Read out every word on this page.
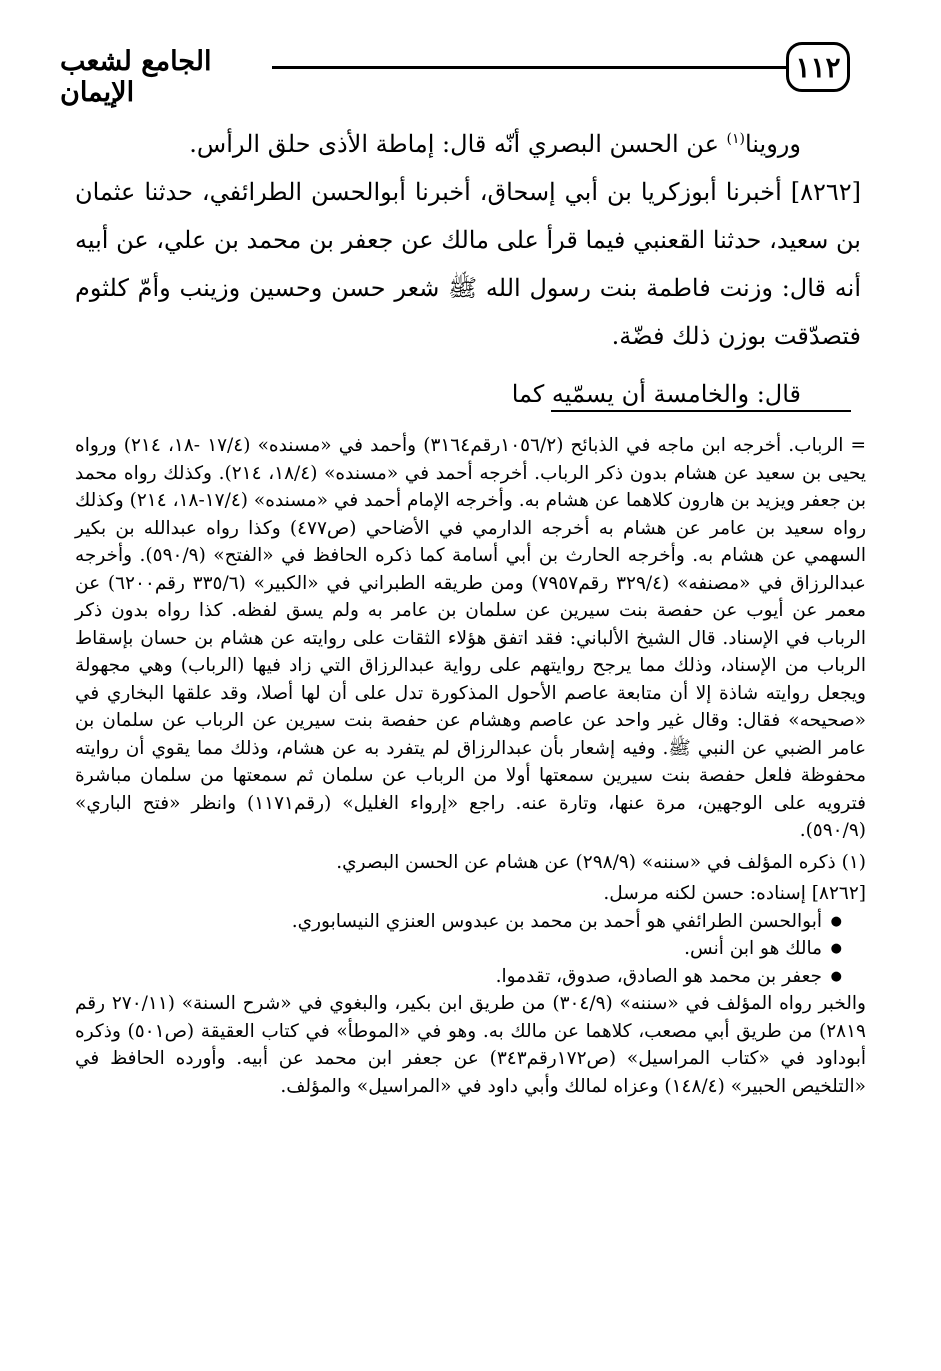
١١٢
الجامع لشعب الإيمان

وروينا$^{(١)}$ عن الحسن البصري أنّه قال: إماطة الأذى حلق الرأس.

[٨٢٦٢] أخبرنا أبوزكريا بن أبي إسحاق، أخبرنا أبوالحسن الطرائفي، حدثنا عثمان بن سعيد، حدثنا القعنبي فيما قرأ على مالك عن جعفر بن محمد بن علي، عن أبيه أنه قال: وزنت فاطمة بنت رسول الله ﷺ شعر حسن وحسين وزينب وأمّ كلثوم فتصدّقت بوزن ذلك فضّة.

قال: والخامسة أن يسمّيه كما

= الرباب. أخرجه ابن ماجه في الذبائح (١٠٥٦/٢رقم٣١٦٤) وأحمد في «مسنده» (١٧/٤ -١٨، ٢١٤) ورواه يحيى بن سعيد عن هشام بدون ذكر الرباب. أخرجه أحمد في «مسنده» (١٨/٤، ٢١٤). وكذلك رواه محمد بن جعفر ويزيد بن هارون كلاهما عن هشام به. وأخرجه الإمام أحمد في «مسنده» (١٧/٤-١٨، ٢١٤) وكذلك رواه سعيد بن عامر عن هشام به أخرجه الدارمي في الأضاحي (ص٤٧٧) وكذا رواه عبدالله بن بكير السهمي عن هشام به. وأخرجه الحارث بن أبي أسامة كما ذكره الحافظ في «الفتح» (٥٩٠/٩). وأخرجه عبدالرزاق في «مصنفه» (٣٢٩/٤ رقم٧٩٥٧) ومن طريقه الطبراني في «الكبير» (٣٣٥/٦ رقم٦٢٠٠) عن معمر عن أيوب عن حفصة بنت سيرين عن سلمان بن عامر به ولم يسق لفظه. كذا رواه بدون ذكر الرباب في الإسناد. قال الشيخ الألباني: فقد اتفق هؤلاء الثقات على روايته عن هشام بن حسان بإسقاط الرباب من الإسناد، وذلك مما يرجح روايتهم على رواية عبدالرزاق التي زاد فيها (الرباب) وهي مجهولة ويجعل روايته شاذة إلا أن متابعة عاصم الأحول المذكورة تدل على أن لها أصلا، وقد علقها البخاري في «صحيحه» فقال: وقال غير واحد عن عاصم وهشام عن حفصة بنت سيرين عن الرباب عن سلمان بن عامر الضبي عن النبي ﷺ. وفيه إشعار بأن عبدالرزاق لم يتفرد به عن هشام، وذلك مما يقوي أن روايته محفوظة فلعل حفصة بنت سيرين سمعتها أولا من الرباب عن سلمان ثم سمعتها من سلمان مباشرة فترويه على الوجهين، مرة عنها، وتارة عنه. راجع «إرواء الغليل» (رقم١١٧١) وانظر «فتح الباري» (٥٩٠/٩).

(١) ذكره المؤلف في «سننه» (٢٩٨/٩) عن هشام عن الحسن البصري.

[٨٢٦٢] إسناده: حسن لكنه مرسل.

● أبوالحسن الطرائفي هو أحمد بن محمد بن عبدوس العنزي النيسابوري.
● مالك هو ابن أنس.
● جعفر بن محمد هو الصادق، صدوق، تقدموا.

والخبر رواه المؤلف في «سننه» (٣٠٤/٩) من طريق ابن بكير، والبغوي في «شرح السنة» (٢٧٠/١١ رقم ٢٨١٩) من طريق أبي مصعب، كلاهما عن مالك به. وهو في «الموطأ» في كتاب العقيقة (ص٥٠١) وذكره أبوداود في «كتاب المراسيل» (ص١٧٢رقم٣٤٣) عن جعفر ابن محمد عن أبيه. وأورده الحافظ في «التلخيص الحبير» (١٤٨/٤) وعزاه لمالك وأبي داود في «المراسيل» والمؤلف.
